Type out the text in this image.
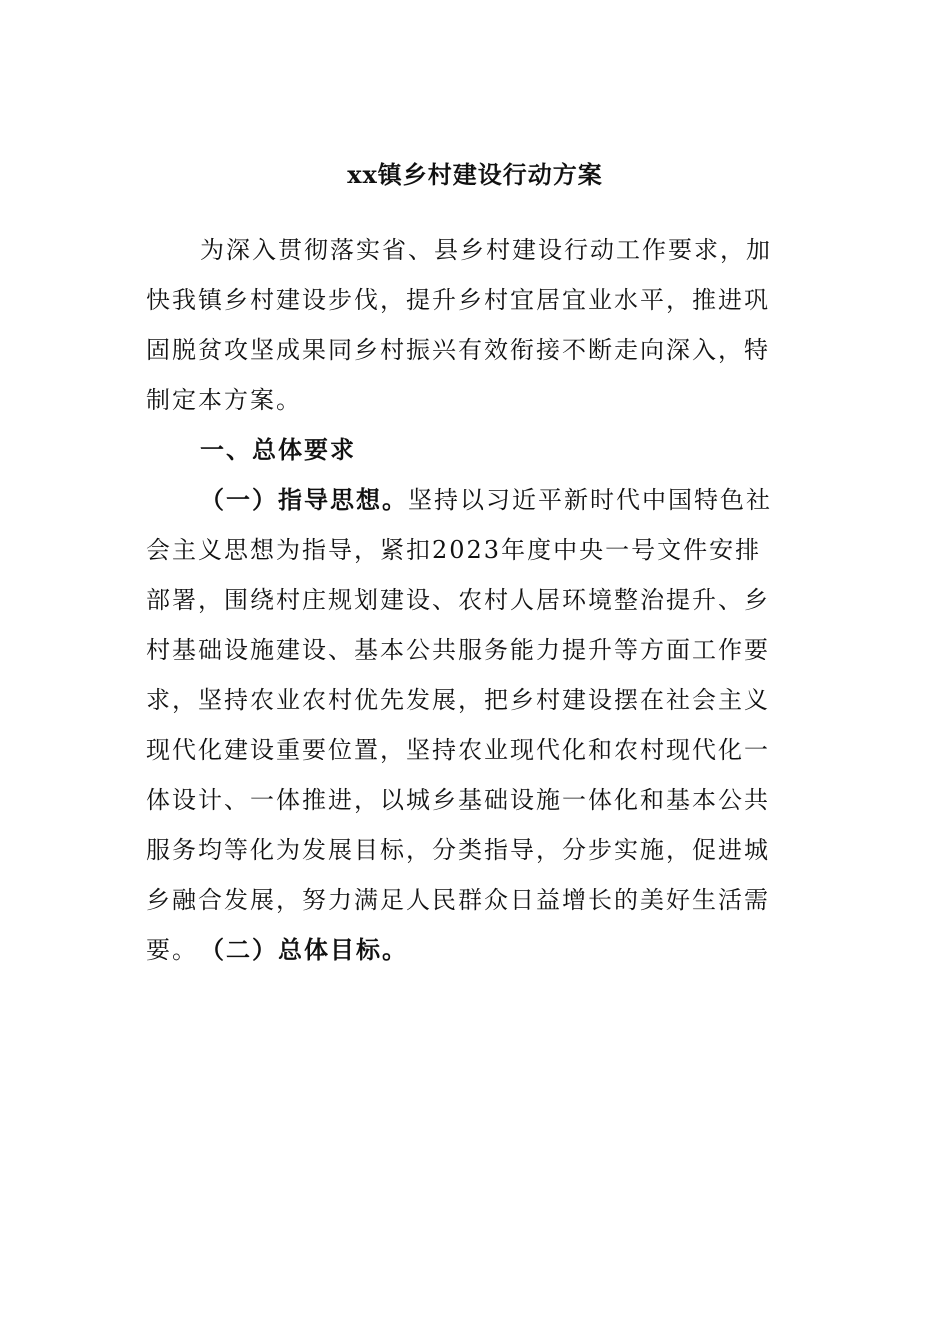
xx镇乡村建设行动方案

为深入贯彻落实省、县乡村建设行动工作要求，加快我镇乡村建设步伐，提升乡村宜居宜业水平，推进巩固脱贫攻坚成果同乡村振兴有效衔接不断走向深入，特制定本方案。

一、总体要求

（一）指导思想。坚持以习近平新时代中国特色社会主义思想为指导，紧扣2023年度中央一号文件安排部署，围绕村庄规划建设、农村人居环境整治提升、乡村基础设施建设、基本公共服务能力提升等方面工作要求，坚持农业农村优先发展，把乡村建设摆在社会主义现代化建设重要位置，坚持农业现代化和农村现代化一体设计、一体推进，以城乡基础设施一体化和基本公共服务均等化为发展目标，分类指导，分步实施，促进城乡融合发展，努力满足人民群众日益增长的美好生活需要。 （二）总体目标。
